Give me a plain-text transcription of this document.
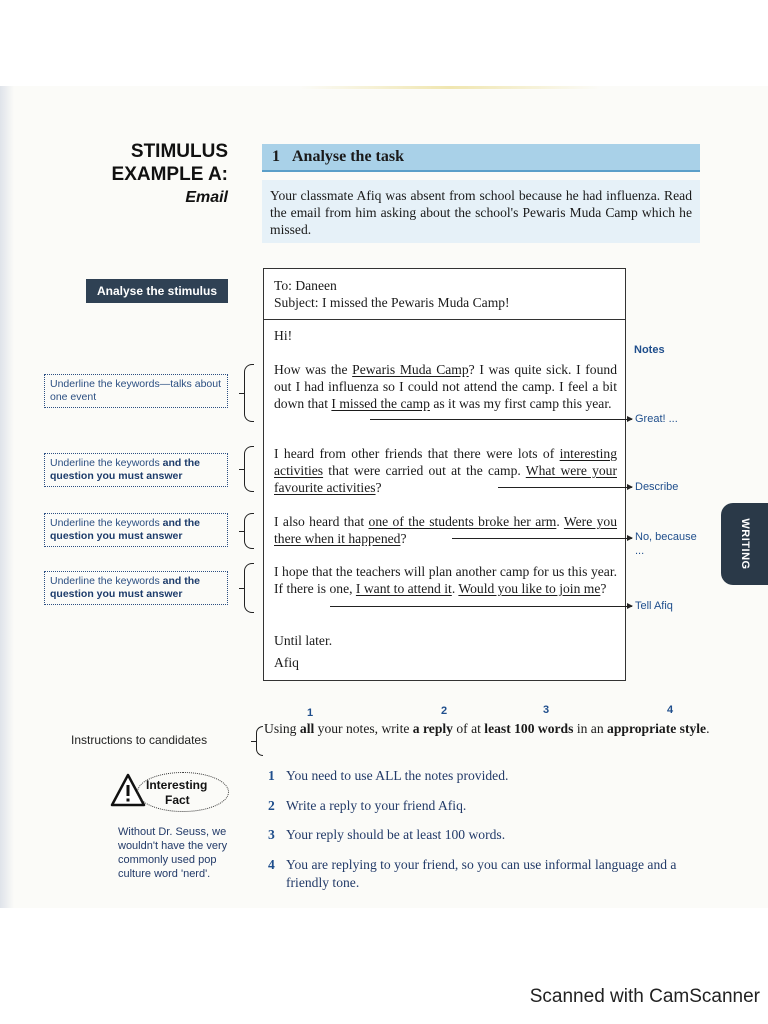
STIMULUS
EXAMPLE A:
Email
1 Analyse the task
Your classmate Afiq was absent from school because he had influenza. Read the email from him asking about the school's Pewaris Muda Camp which he missed.
Analyse the stimulus	To: Daneen
Subject: I missed the Pewaris Muda Camp!
Hi!
How was the Pewaris Muda Camp? I was quite sick. I found out I had influenza so I could not attend the camp. I feel a bit down that I missed the camp as it was my first camp this year.
I heard from other friends that there were lots of interesting activities that were carried out at the camp. What were your favourite activities?
I also heard that one of the students broke her arm. Were you there when it happened?
I hope that the teachers will plan another camp for us this year. If there is one, I want to attend it. Would you like to join me?
Until later.
Afiq
Notes
Great! ...
Describe
No, because ...
Tell Afiq
Underline the keywords—talks about one event
Underline the keywords and the question you must answer
Underline the keywords and the question you must answer
Underline the keywords and the question you must answer
WRITING
1	2	3	4
Instructions to candidates
Using all your notes, write a reply of at least 100 words in an appropriate style.
1 You need to use ALL the notes provided.
2 Write a reply to your friend Afiq.
3 Your reply should be at least 100 words.
4 You are replying to your friend, so you can use informal language and a friendly tone.
Interesting
Fact
Without Dr. Seuss, we wouldn't have the very commonly used pop culture word 'nerd'.
Scanned with CamScanner
